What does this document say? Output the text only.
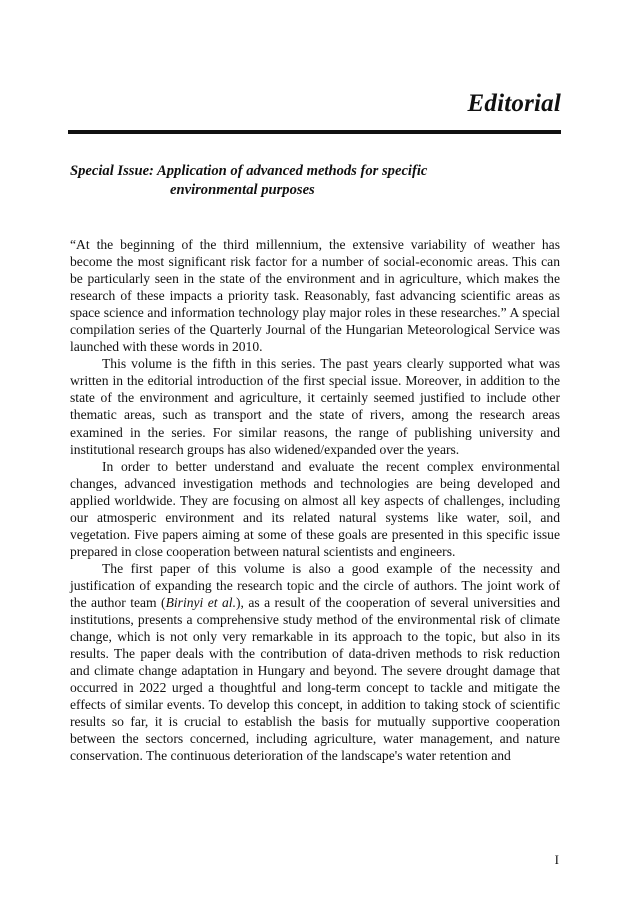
Editorial
Special Issue: Application of advanced methods for specific
environmental purposes

“At the beginning of the third millennium, the extensive variability of weather has become the most significant risk factor for a number of social-economic areas. This can be particularly seen in the state of the environment and in agriculture, which makes the research of these impacts a priority task. Reasonably, fast advancing scientific areas as space science and information technology play major roles in these researches.” A special compilation series of the Quarterly Journal of the Hungarian Meteorological Service was launched with these words in 2010.

This volume is the fifth in this series. The past years clearly supported what was written in the editorial introduction of the first special issue. Moreover, in addition to the state of the environment and agriculture, it certainly seemed justified to include other thematic areas, such as transport and the state of rivers, among the research areas examined in the series. For similar reasons, the range of publishing university and institutional research groups has also widened/expanded over the years.

In order to better understand and evaluate the recent complex environmental changes, advanced investigation methods and technologies are being developed and applied worldwide. They are focusing on almost all key aspects of challenges, including our atmosperic environment and its related natural systems like water, soil, and vegetation. Five papers aiming at some of these goals are presented in this specific issue prepared in close cooperation between natural scientists and engineers.

The first paper of this volume is also a good example of the necessity and justification of expanding the research topic and the circle of authors. The joint work of the author team (Birinyi et al.), as a result of the cooperation of several universities and institutions, presents a comprehensive study method of the environmental risk of climate change, which is not only very remarkable in its approach to the topic, but also in its results. The paper deals with the contribution of data-driven methods to risk reduction and climate change adaptation in Hungary and beyond. The severe drought damage that occurred in 2022 urged a thoughtful and long-term concept to tackle and mitigate the effects of similar events. To develop this concept, in addition to taking stock of scientific results so far, it is crucial to establish the basis for mutually supportive cooperation between the sectors concerned, including agriculture, water management, and nature conservation. The continuous deterioration of the landscape's water retention and

I
